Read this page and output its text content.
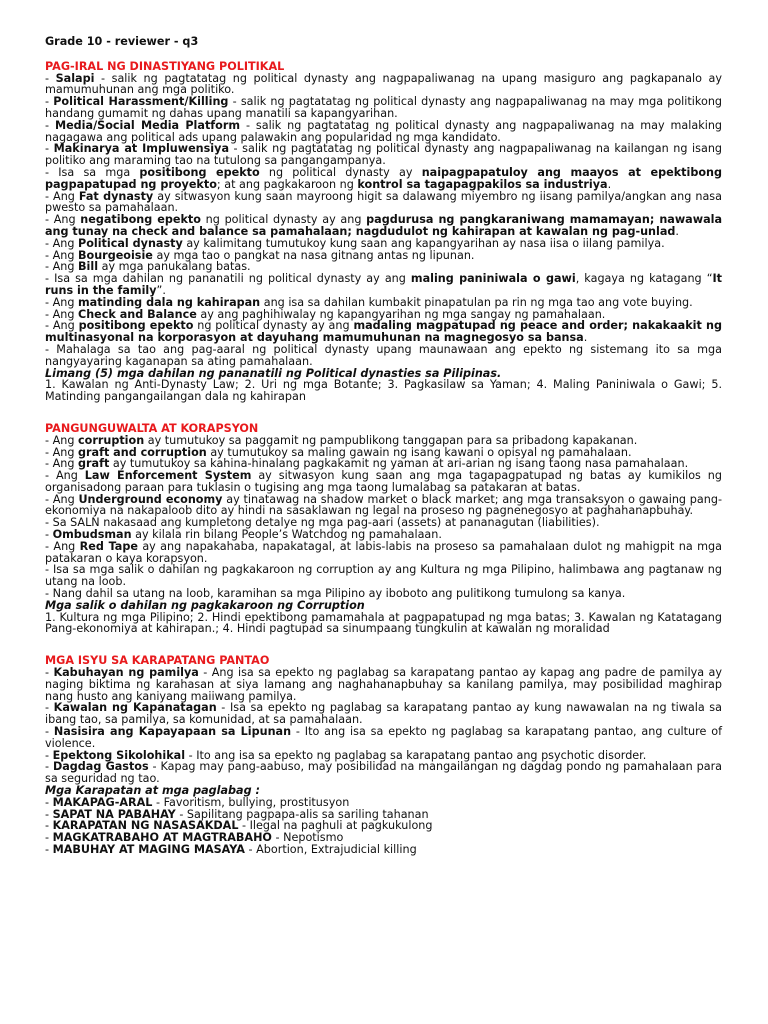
Grade 10 - reviewer - q3
PAG-IRAL NG DINASTIYANG POLITIKAL
- Salapi - salik ng pagtatatag ng political dynasty ang nagpapaliwanag na upang masiguro ang pagkapanalo ay mamumuhunan ang mga politiko.
- Political Harassment/Killing - salik ng pagtatatag ng political dynasty ang nagpapaliwanag na may mga politikong handang gumamit ng dahas upang manatili sa kapangyarihan.
- Media/Social Media Platform - salik ng pagtatatag ng political dynasty ang nagpapaliwanag na may malaking nagagawa ang political ads upang palawakin ang popularidad ng mga kandidato.
- Makinarya at Impluwensiya - salik ng pagtatatag ng political dynasty ang nagpapaliwanag na kailangan ng isang politiko ang maraming tao na tutulong sa pangangampanya.
- Isa sa mga positibong epekto ng political dynasty ay naipagpapatuloy ang maayos at epektibong pagpapatupad ng proyekto; at ang pagkakaroon ng kontrol sa tagapagpakilos sa industriya.
- Ang Fat dynasty ay sitwasyon kung saan mayroong higit sa dalawang miyembro ng iisang pamilya/angkan ang nasa pwesto sa pamahalaan.
- Ang negatibong epekto ng political dynasty ay ang pagdurusa ng pangkaraniwang mamamayan; nawawala ang tunay na check and balance sa pamahalaan; nagdudulot ng kahirapan at kawalan ng pag-unlad.
- Ang Political dynasty ay kalimitang tumutukoy kung saan ang kapangyarihan ay nasa iisa o iilang pamilya.
- Ang Bourgeoisie ay mga tao o pangkat na nasa gitnang antas ng lipunan.
- Ang Bill ay mga panukalang batas.
- Isa sa mga dahilan ng pananatili ng political dynasty ay ang maling paniniwala o gawi, kagaya ng katagang “It runs in the family”.
- Ang matinding dala ng kahirapan ang isa sa dahilan kumbakit pinapatulan pa rin ng mga tao ang vote buying.
- Ang Check and Balance ay ang paghihiwalay ng kapangyarihan ng mga sangay ng pamahalaan.
- Ang positibong epekto ng political dynasty ay ang madaling magpatupad ng peace and order; nakakaakit ng multinasyonal na korporasyon at dayuhang mamumuhunan na magnegosyo sa bansa.
- Mahalaga sa tao ang pag-aaral ng political dynasty upang maunawaan ang epekto ng sistemang ito sa mga nangyayaring kaganapan sa ating pamahalaan.
Limang (5) mga dahilan ng pananatili ng Political dynasties sa Pilipinas.
1. Kawalan ng Anti-Dynasty Law; 2. Uri ng mga Botante; 3. Pagkasilaw sa Yaman; 4. Maling Paniniwala o Gawi; 5. Matinding pangangailangan dala ng kahirapan
PANGUNGUWALTA AT KORAPSYON
- Ang corruption ay tumutukoy sa paggamit ng pampublikong tanggapan para sa pribadong kapakanan.
- Ang graft and corruption ay tumutukoy sa maling gawain ng isang kawani o opisyal ng pamahalaan.
- Ang graft ay tumutukoy sa kahina-hinalang pagkakamit ng yaman at ari-arian ng isang taong nasa pamahalaan.
- Ang Law Enforcement System ay sitwasyon kung saan ang mga tagapagpatupad ng batas ay kumikilos ng organisadong paraan para tuklasin o tugising ang mga taong lumalabag sa patakaran at batas.
- Ang Underground economy ay tinatawag na shadow market o black market; ang mga transaksyon o gawaing pang-ekonomiya na nakapaloob dito ay hindi na sasaklawan ng legal na proseso ng pagnenegosyo at paghahanapbuhay.
- Sa SALN nakasaad ang kumpletong detalye ng mga pag-aari (assets) at pananagutan (liabilities).
- Ombudsman ay kilala rin bilang People’s Watchdog ng pamahalaan.
- Ang Red Tape ay ang napakahaba, napakatagal, at labis-labis na proseso sa pamahalaan dulot ng mahigpit na mga patakaran o kaya korapsyon.
- Isa sa mga salik o dahilan ng pagkakaroon ng corruption ay ang Kultura ng mga Pilipino, halimbawa ang pagtanaw ng utang na loob.
- Nang dahil sa utang na loob, karamihan sa mga Pilipino ay iboboto ang pulitikong tumulong sa kanya.
Mga salik o dahilan ng pagkakaroon ng Corruption
1. Kultura ng mga Pilipino; 2. Hindi epektibong pamamahala at pagpapatupad ng mga batas; 3. Kawalan ng Katatagang Pang-ekonomiya at kahirapan.; 4. Hindi pagtupad sa sinumpaang tungkulin at kawalan ng moralidad
MGA ISYU SA KARAPATANG PANTAO
- Kabuhayan ng pamilya - Ang isa sa epekto ng paglabag sa karapatang pantao ay kapag ang padre de pamilya ay naging biktima ng karahasan at siya lamang ang naghahanapbuhay sa kanilang pamilya, may posibilidad maghirap nang husto ang kaniyang maiiwang pamilya.
- Kawalan ng Kapanatagan - Isa sa epekto ng paglabag sa karapatang pantao ay kung nawawalan na ng tiwala sa ibang tao, sa pamilya, sa komunidad, at sa pamahalaan.
- Nasisira ang Kapayapaan sa Lipunan - Ito ang isa sa epekto ng paglabag sa karapatang pantao, ang culture of violence.
- Epektong Sikolohikal - Ito ang isa sa epekto ng paglabag sa karapatang pantao ang psychotic disorder.
- Dagdag Gastos - Kapag may pang-aabuso, may posibilidad na mangailangan ng dagdag pondo ng pamahalaan para sa seguridad ng tao.
Mga Karapatan at mga paglabag :
- MAKAPAG-ARAL - Favoritism, bullying, prostitusyon
- SAPAT NA PABAHAY - Sapilitang pagpapa-alis sa sariling tahanan
- KARAPATAN NG NASASAKDAL - Ilegal na paghuli at pagkukulong
- MAGKATRABAHO AT MAGTRABAHO - Nepotismo
- MABUHAY AT MAGING MASAYA - Abortion, Extrajudicial killing
